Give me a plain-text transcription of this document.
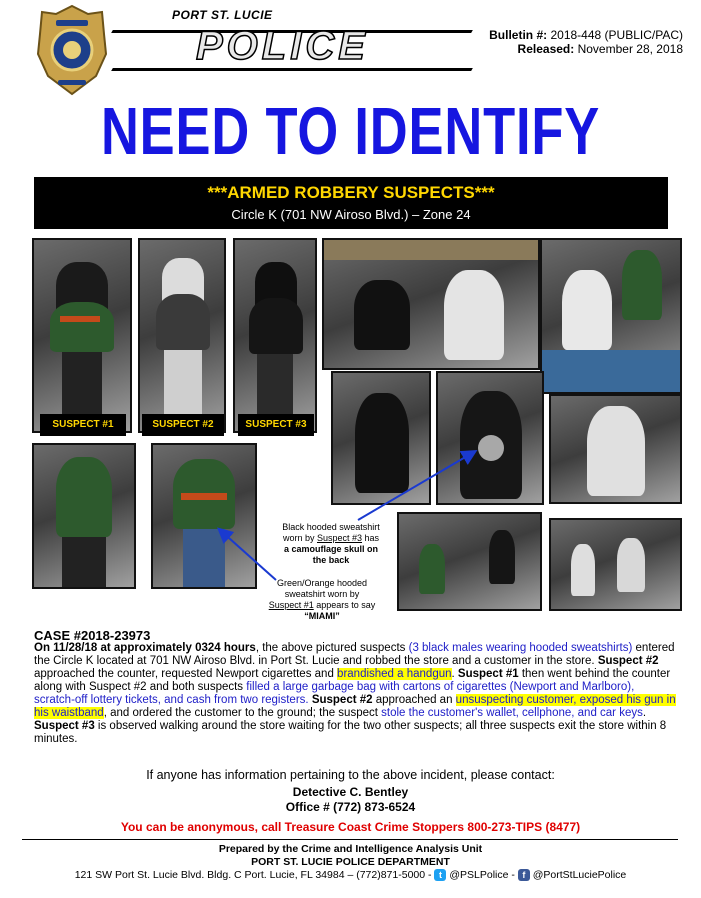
PORT ST. LUCIE
POLICE	Bulletin #: 2018-448 (PUBLIC/PAC)
Released: November 28, 2018
NEED TO IDENTIFY
***ARMED ROBBERY SUSPECTS***
Circle K (701 NW Airoso Blvd.) – Zone 24
SUSPECT #1	SUSPECT #2	SUSPECT #3
Black hooded sweatshirt
worn by Suspect #3 has
a camouflage skull on
the back
Green/Orange hooded
sweatshirt worn by
Suspect #1 appears to say
“MIAMI”
CASE #2018-23973
On 11/28/18 at approximately 0324 hours, the above pictured suspects (3 black males wearing hooded sweatshirts) entered the Circle K located at 701 NW Airoso Blvd. in Port St. Lucie and robbed the store and a customer in the store. Suspect #2 approached the counter, requested Newport cigarettes and brandished a handgun. Suspect #1 then went behind the counter along with Suspect #2 and both suspects filled a large garbage bag with cartons of cigarettes (Newport and Marlboro), scratch-off lottery tickets, and cash from two registers. Suspect #2 approached an unsuspecting customer, exposed his gun in his waistband, and ordered the customer to the ground; the suspect stole the customer's wallet, cellphone, and car keys. Suspect #3 is observed walking around the store waiting for the two other suspects; all three suspects exit the store within 8 minutes.
If anyone has information pertaining to the above incident, please contact:
Detective C. Bentley
Office # (772) 873-6524
You can be anonymous, call Treasure Coast Crime Stoppers 800-273-TIPS (8477)
Prepared by the Crime and Intelligence Analysis Unit
PORT ST. LUCIE POLICE DEPARTMENT
121 SW Port St. Lucie Blvd. Bldg. C Port. Lucie, FL 34984 – (772)871-5000 - t @PSLPolice - f @PortStLuciePolice
